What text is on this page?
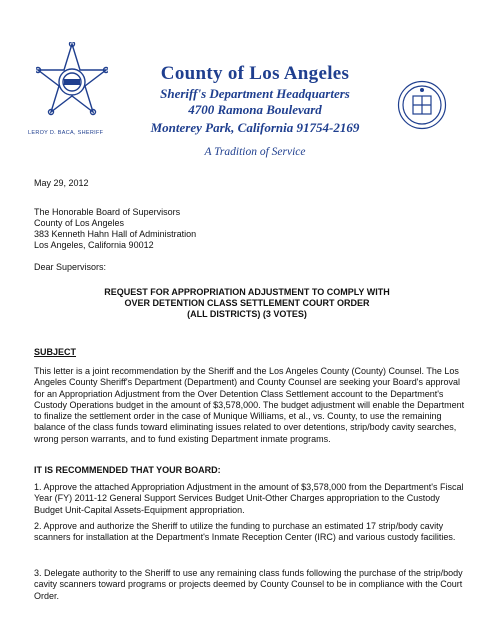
LEROY D. BACA, SHERIFF
County of Los Angeles
Sheriff's Department Headquarters
4700 Ramona Boulevard
Monterey Park, California 91754-2169
A Tradition of Service
May 29, 2012
The Honorable Board of Supervisors
County of Los Angeles
383 Kenneth Hahn Hall of Administration
Los Angeles, California 90012
Dear Supervisors:
REQUEST FOR APPROPRIATION ADJUSTMENT TO COMPLY WITH
OVER DETENTION CLASS SETTLEMENT COURT ORDER
(ALL DISTRICTS) (3 VOTES)
SUBJECT

This letter is a joint recommendation by the Sheriff and the Los Angeles County (County) Counsel. The Los Angeles County Sheriff's Department (Department) and County Counsel are seeking your Board's approval for an Appropriation Adjustment from the Over Detention Class Settlement account to the Department's Custody Operations budget in the amount of $3,578,000. The budget adjustment will enable the Department to finalize the settlement order in the case of Munique Williams, et al., vs. County, to use the remaining balance of the class funds toward eliminating issues related to over detentions, strip/body cavity searches, wrong person warrants, and to fund existing Department inmate programs.

IT IS RECOMMENDED THAT YOUR BOARD:

1. Approve the attached Appropriation Adjustment in the amount of $3,578,000 from the Department's Fiscal Year (FY) 2011-12 General Support Services Budget Unit-Other Charges appropriation to the Custody Budget Unit-Capital Assets-Equipment appropriation.

2. Approve and authorize the Sheriff to utilize the funding to purchase an estimated 17 strip/body cavity scanners for installation at the Department's Inmate Reception Center (IRC) and various custody facilities.

3. Delegate authority to the Sheriff to use any remaining class funds following the purchase of the strip/body cavity scanners toward programs or projects deemed by County Counsel to be in compliance with the Court Order.
